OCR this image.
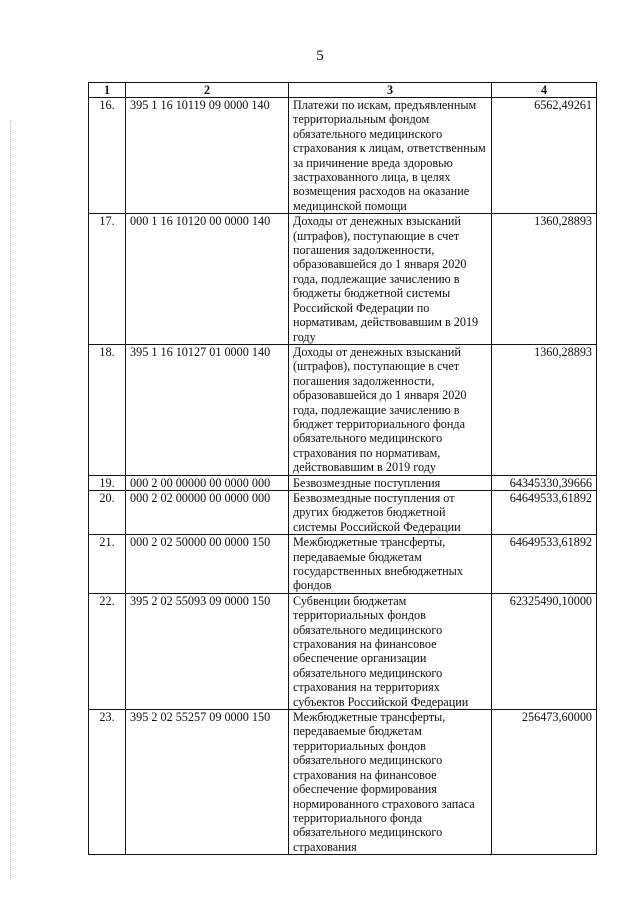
5
1	2	3	4
16.	395 1 16 10119 09 0000 140	Платежи по искам, предъявленным территориальным фондом обязательного медицинского страхования к лицам, ответственным за причинение вреда здоровью застрахованного лица, в целях возмещения расходов на оказание медицинской помощи	6562,49261
17.	000 1 16 10120 00 0000 140	Доходы от денежных взысканий (штрафов), поступающие в счет погашения задолженности, образовавшейся до 1 января 2020 года, подлежащие зачислению в бюджеты бюджетной системы Российской Федерации по нормативам, действовавшим в 2019 году	1360,28893
18.	395 1 16 10127 01 0000 140	Доходы от денежных взысканий (штрафов), поступающие в счет погашения задолженности, образовавшейся до 1 января 2020 года, подлежащие зачислению в бюджет территориального фонда обязательного медицинского страхования по нормативам, действовавшим в 2019 году	1360,28893
19.	000 2 00 00000 00 0000 000	Безвозмездные поступления	64345330,39666
20.	000 2 02 00000 00 0000 000	Безвозмездные поступления от других бюджетов бюджетной системы Российской Федерации	64649533,61892
21.	000 2 02 50000 00 0000 150	Межбюджетные трансферты, передаваемые бюджетам государственных внебюджетных фондов	64649533,61892
22.	395 2 02 55093 09 0000 150	Субвенции бюджетам территориальных фондов обязательного медицинского страхования на финансовое обеспечение организации обязательного медицинского страхования на территориях субъектов Российской Федерации	62325490,10000
23.	395 2 02 55257 09 0000 150	Межбюджетные трансферты, передаваемые бюджетам территориальных фондов обязательного медицинского страхования на финансовое обеспечение формирования нормированного страхового запаса территориального фонда обязательного медицинского страхования	256473,60000
